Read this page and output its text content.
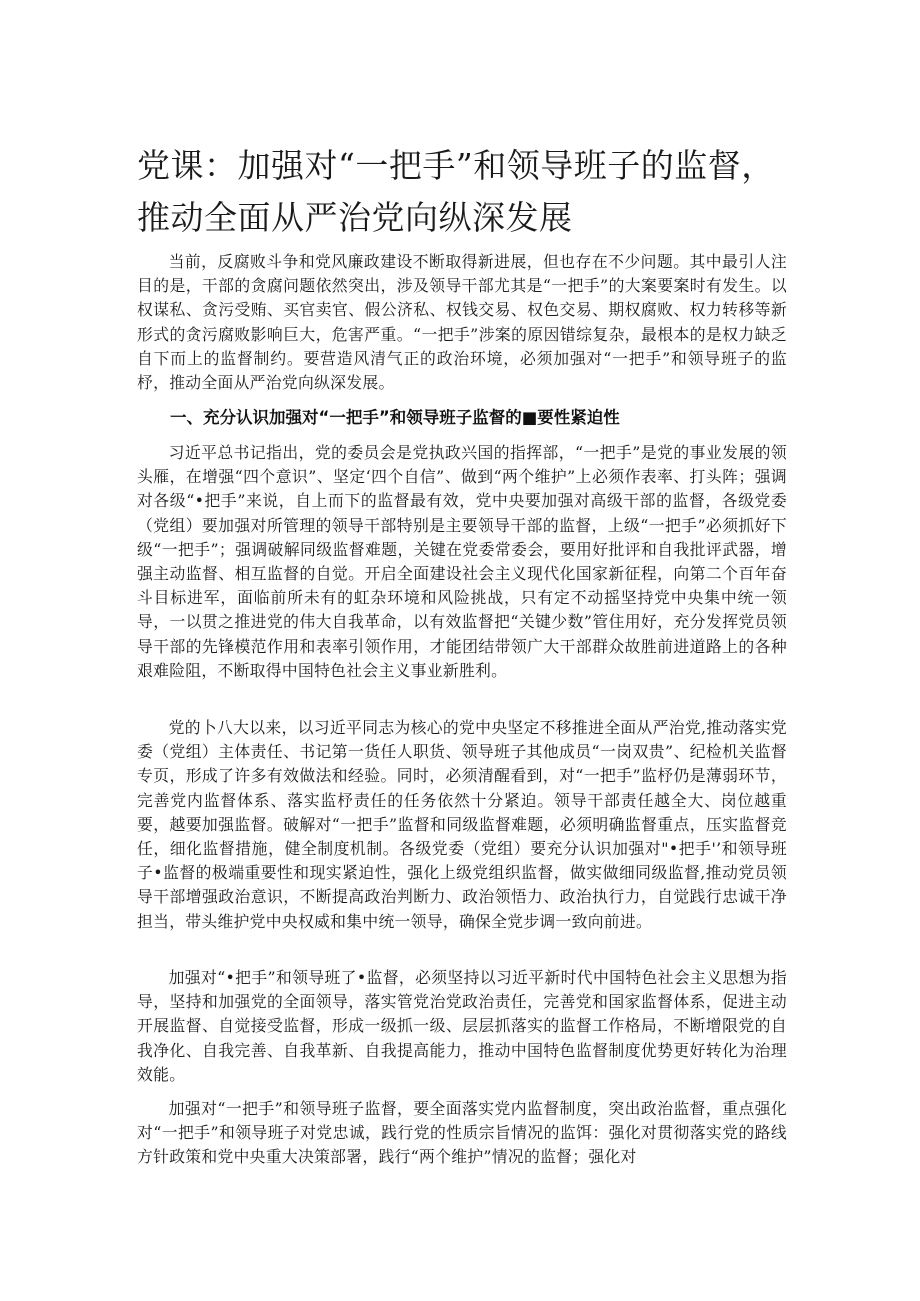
党课：加强对“一把手”和领导班子的监督，推动全面从严治党向纵深发展

当前，反腐败斗争和党风廉政建设不断取得新进展，但也存在不少问题。其中最引人注目的是，干部的贪腐问题依然突出，涉及领导干部尤其是“一把手”的大案要案时有发生。以权谋私、贪污受贿、买官卖官、假公济私、权钱交易、权色交易、期权腐败、权力转移等新形式的贪污腐败影响巨大，危害严重。“一把手”涉案的原因错综复杂，最根本的是权力缺乏自下而上的监督制约。要营造风清气正的政治环境，必须加强对“一把手”和领导班子的监杼，推动全面从严治党向纵深发展。

一、充分认识加强对“一把手”和领导班子监督的■要性紧迫性

习近平总书记指出，党的委员会是党执政兴国的指挥部，“一把手”是党的事业发展的领头雁，在增强“四个意识”、坚定‘四个自信”、做到“两个维护”上必须作表率、打头阵；强调对各级“•把手”来说，自上而下的监督最有效，党中央要加强对高级干部的监督，各级党委（党组）要加强对所管理的领导干部特别是主要领导干部的监督，上级“一把手”必须抓好下级“一把手”；强调破解同级监督难题，关键在党委常委会，要用好批评和自我批评武器，增强主动监督、相互监督的自觉。开启全面建设社会主义现代化国家新征程，向第二个百年奋斗目标进军，面临前所未有的虹杂环境和风险挑战，只有定不动摇坚持党中央集中统一领导，一以贯之推进党的伟大自我革命，以有效监督把“关键少数”管住用好，充分发挥党员领导干部的先锋模范作用和表率引领作用，才能团结带领广大干部群众故胜前进道路上的各种艰难险阻，不断取得中国特色社会主义事业新胜利。

党的卜八大以来，以习近平同志为核心的党中央坚定不移推进全面从严治党,推动落实党委（党组）主体责任、书记第一货任人职货、领导班子其他成员“一岗双贵”、纪检机关监督专页，形成了许多有效做法和经验。同时，必须清醒看到，对“一把手”监杼仍是薄弱环节，完善党内监督体系、落实监杼责任的任务依然十分紧迫。领导干部责任越全大、岗位越重要，越要加强监督。破解对“一把手”监督和同级监督难题，必须明确监督重点，压实监督竞任，细化监督措施，健全制度机制。各级党委（党组）要充分认识加强对"•把手'’和领导班子•监督的极端重要性和现实紧迫性，强化上级党组织监督，做实做细同级监督,推动党员领导干部增强政治意识，不断提高政治判断力、政治领悟力、政治执行力，自觉践行忠诚干净担当，带头维护党中央权威和集中统一领导，确保全党步调一致向前进。

加强对“•把手”和领导班了•监督，必须坚持以习近平新时代中国特色社会主义思想为指导，坚持和加强党的全面领导，落实管党治党政治责任，完善党和国家监督体系，促进主动开展监督、自觉接受监督，形成一级抓一级、层层抓落实的监督工作格局，不断增限党的自我净化、自我完善、自我革新、自我提高能力，推动中国特色监督制度优势更好转化为治理效能。

加强对“一把手”和领导班子监督，要全面落实党内监督制度，突出政治监督，重点强化对“一把手”和领导班子对党忠诚，践行党的性质宗旨情况的监饵：强化对贯彻落实党的路线方针政策和党中央重大决策部署，践行“两个维护”情况的监督；强化对
